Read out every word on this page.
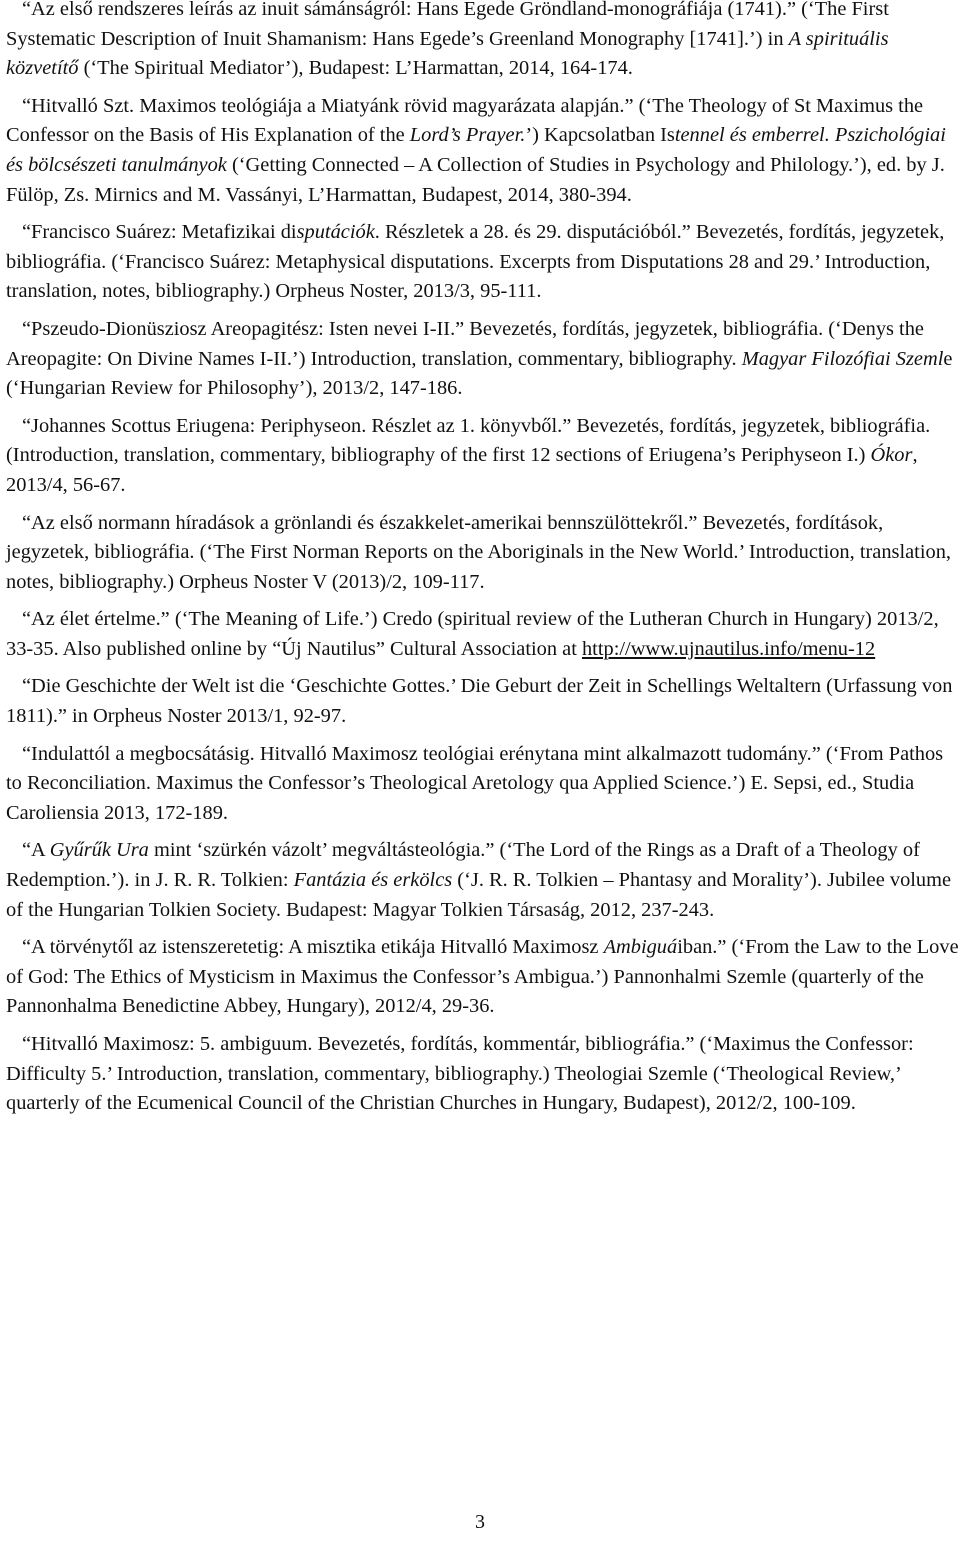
“Az első rendszeres leírás az inuit sámánságról: Hans Egede Gröndland-monográfiája (1741).” (‘The First Systematic Description of Inuit Shamanism: Hans Egede’s Greenland Monography [1741].’) in A spirituális közvetítő (‘The Spiritual Mediator’), Budapest: L’Harmattan, 2014, 164-174.

“Hitvalló Szt. Maximos teológiája a Miatyánk rövid magyarázata alapján.” (‘The Theology of St Maximus the Confessor on the Basis of His Explanation of the Lord’s Prayer.’) Kapcsolatban Istennel és emberrel. Pszichológiai és bölcsészeti tanulmányok (‘Getting Connected – A Collection of Studies in Psychology and Philology.’), ed. by J. Fülöp, Zs. Mirnics and M. Vassányi, L’Harmattan, Budapest, 2014, 380-394.

“Francisco Suárez: Metafizikai disputációk. Részletek a 28. és 29. disputációból.” Bevezetés, fordítás, jegyzetek, bibliográfia. (‘Francisco Suárez: Metaphysical disputations. Excerpts from Disputations 28 and 29.’ Introduction, translation, notes, bibliography.) Orpheus Noster, 2013/3, 95-111.

“Pszeudo-Dionüsziosz Areopagitész: Isten nevei I-II.” Bevezetés, fordítás, jegyzetek, bibliográfia. (‘Denys the Areopagite: On Divine Names I-II.’) Introduction, translation, commentary, bibliography. Magyar Filozófiai Szemle (‘Hungarian Review for Philosophy’), 2013/2, 147-186.

“Johannes Scottus Eriugena: Periphyseon. Részlet az 1. könyvből.” Bevezetés, fordítás, jegyzetek, bibliográfia. (Introduction, translation, commentary, bibliography of the first 12 sections of Eriugena’s Periphyseon I.) Ókor, 2013/4, 56-67.

“Az első normann híradások a grönlandi és északkelet-amerikai bennszülöttekről.” Bevezetés, fordítások, jegyzetek, bibliográfia. (‘The First Norman Reports on the Aboriginals in the New World.’ Introduction, translation, notes, bibliography.) Orpheus Noster V (2013)/2, 109-117.

“Az élet értelme.” (‘The Meaning of Life.’) Credo (spiritual review of the Lutheran Church in Hungary) 2013/2, 33-35. Also published online by “Új Nautilus” Cultural Association at http://www.ujnautilus.info/menu-12

“Die Geschichte der Welt ist die ‘Geschichte Gottes.’ Die Geburt der Zeit in Schellings Weltaltern (Urfassung von 1811).” in Orpheus Noster 2013/1, 92-97.

“Indulattól a megbocsátásig. Hitvalló Maximosz teológiai erénytana mint alkalmazott tudomány.” (‘From Pathos to Reconciliation. Maximus the Confessor’s Theological Aretology qua Applied Science.’) E. Sepsi, ed., Studia Caroliensia 2013, 172-189.

“A Gyűrűk Ura mint ‘szürkén vázolt’ megváltásteológia.” (‘The Lord of the Rings as a Draft of a Theology of Redemption.’). in J. R. R. Tolkien: Fantázia és erkölcs (‘J. R. R. Tolkien – Phantasy and Morality’). Jubilee volume of the Hungarian Tolkien Society. Budapest: Magyar Tolkien Társaság, 2012, 237-243.

“A törvénytől az istenszeretetig: A misztika etikája Hitvalló Maximosz Ambiguáiban.” (‘From the Law to the Love of God: The Ethics of Mysticism in Maximus the Confessor’s Ambigua.’) Pannonhalmi Szemle (quarterly of the Pannonhalma Benedictine Abbey, Hungary), 2012/4, 29-36.

“Hitvalló Maximosz: 5. ambiguum. Bevezetés, fordítás, kommentár, bibliográfia.” (‘Maximus the Confessor: Difficulty 5.’ Introduction, translation, commentary, bibliography.) Theologiai Szemle (‘Theological Review,’ quarterly of the Ecumenical Council of the Christian Churches in Hungary, Budapest), 2012/2, 100-109.

3
